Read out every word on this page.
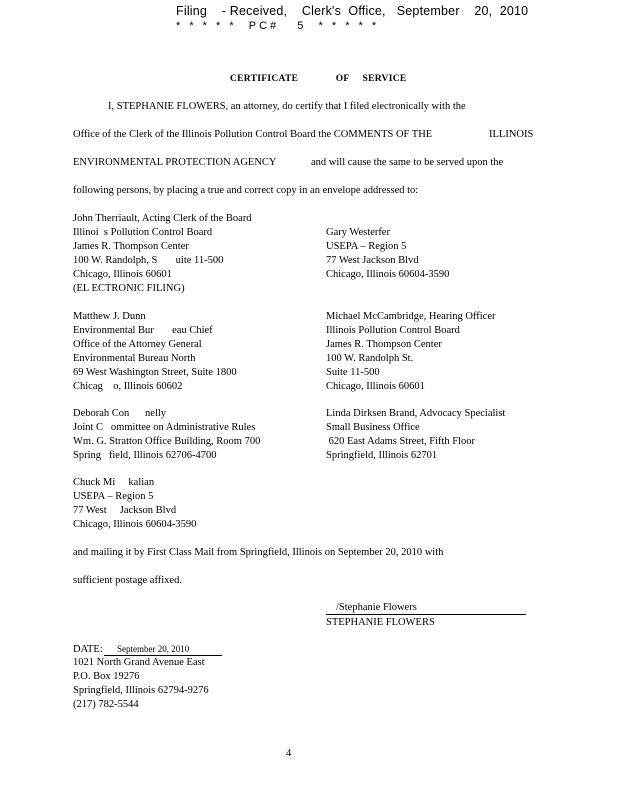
Filing    - Received,    Clerk's  Office,   September    20,  2010
* * * * *  PC#   5  * * * * *
CERTIFICATE              OF     SERVICE
I, STEPHANIE FLOWERS, an attorney, do certify that I filed electronically with the
Office of the Clerk of the Illinois Pollution Control Board the COMMENTS OF THE	ILLINOIS
ENVIRONMENTAL PROTECTION AGENCY	and will cause the same to be served upon the
following persons, by placing a true and correct copy in an envelope addressed to:
John Therriault, Acting Clerk of the Board
Illinoi  s Pollution Control Board
James R. Thompson Center
100 W. Randolph, S       uite 11-500
Chicago, Illinois 60601
(EL ECTRONIC FILING)
Matthew J. Dunn
Environmental Bur       eau Chief
Office of the Attorney General
Environmental Bureau North
69 West Washington Street, Suite 1800
Chicag    o, Illinois 60602
Deborah Con      nelly
Joint C   ommittee on Administrative Rules
Wm. G. Stratton Office Building, Room 700
Spring   field, Illinois 62706-4700
Chuck Mi     kalian
USEPA – Region 5
77 West     Jackson Blvd
Chicago, Illinois 60604-3590
Gary Westerfer
USEPA – Region 5
77 West Jackson Blvd
Chicago, Illinois 60604-3590
Michael McCambridge, Hearing Officer
Illinois Pollution Control Board
James R. Thompson Center
100 W. Randolph St.
Suite 11-500
Chicago, Illinois 60601
Linda Dirksen Brand, Advocacy Specialist
Small Business Office
620 East Adams Street, Fifth Floor
Springfield, Illinois 62701
and mailing it by First Class Mail from Springfield, Illinois on September 20, 2010 with
sufficient postage affixed.
/Stephanie Flowers
STEPHANIE FLOWERS
DATE: September 20, 2010
1021 North Grand Avenue East
P.O. Box 19276
Springfield, Illinois 62794-9276
(217) 782-5544
4
